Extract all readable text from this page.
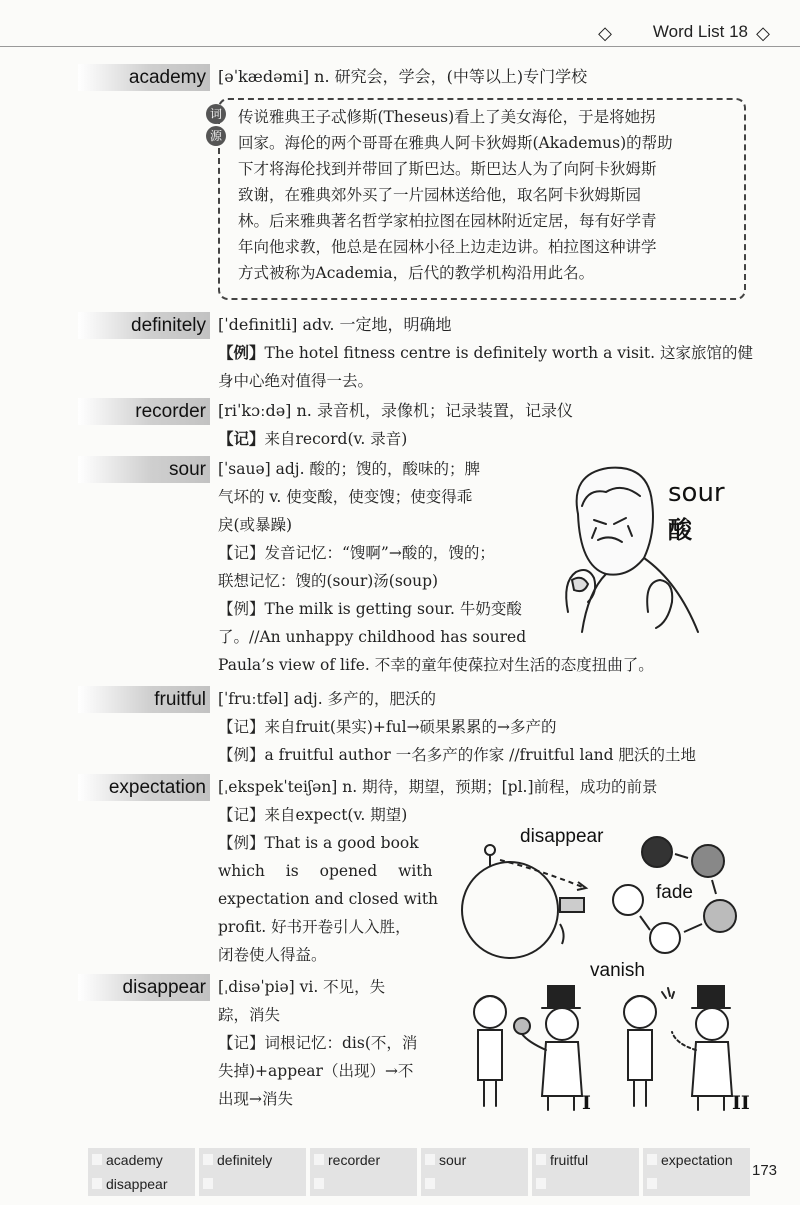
◇ Word List 18 ◇
academy [əˈkædəmi] n. 研究会，学会，(中等以上)专门学校
词
源
传说雅典王子忒修斯(Theseus)看上了美女海伦，于是将她拐
回家。海伦的两个哥哥在雅典人阿卡狄姆斯(Akademus)的帮助
下才将海伦找到并带回了斯巴达。斯巴达人为了向阿卡狄姆斯
致谢，在雅典郊外买了一片园林送给他，取名阿卡狄姆斯园
林。后来雅典著名哲学家柏拉图在园林附近定居，每有好学青
年向他求教，他总是在园林小径上边走边讲。柏拉图这种讲学
方式被称为Academia，后代的教学机构沿用此名。
definitely [ˈdefinitli] adv. 一定地，明确地
【例】The hotel fitness centre is definitely worth a visit. 这家旅馆的健
身中心绝对值得一去。
recorder [riˈkɔːdə] n. 录音机，录像机；记录装置，记录仪
【记】来自record(v. 录音)
sour [ˈsauə] adj. 酸的；馊的，酸味的；脾
气坏的 v. 使变酸，使变馊；使变得乖
戾(或暴躁)
【记】发音记忆：“馊啊”→酸的，馊的；
联想记忆：馊的(sour)汤(soup)
【例】The milk is getting sour. 牛奶变酸
了。//An unhappy childhood has soured
Paula’s view of life. 不幸的童年使葆拉对生活的态度扭曲了。
sour
酸
fruitful [ˈfruːtfəl] adj. 多产的，肥沃的
【记】来自fruit(果实)+ful→硕果累累的→多产的
【例】a fruitful author 一名多产的作家 //fruitful land 肥沃的土地
expectation [ˌekspekˈteiʃən] n. 期待，期望，预期；[pl.]前程，成功的前景
【记】来自expect(v. 期望)
【例】That is a good book
which is opened with
expectation and closed with
profit. 好书开卷引人入胜，
闭卷使人得益。
disappear
fade
vanish
disappear [ˌdisəˈpiə] vi. 不见，失
踪，消失
【记】词根记忆：dis(不，消
失掉)+appear（出现）→不
出现→消失	I	II
academy	definitely	recorder	sour	fruitful	expectation
disappear
173
